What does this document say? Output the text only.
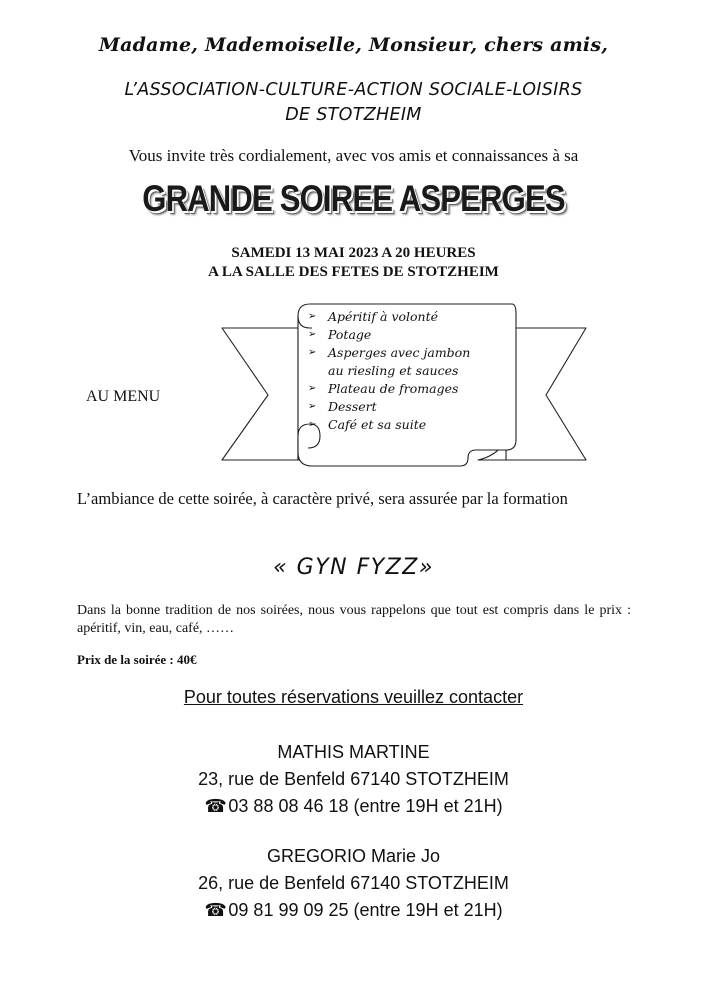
Madame, Mademoiselle, Monsieur, chers amis,
L’ASSOCIATION-CULTURE-ACTION SOCIALE-LOISIRS
DE STOTZHEIM
Vous invite très cordialement, avec vos amis et connaissances à sa
GRANDE SOIREE ASPERGES
SAMEDI 13 MAI 2023 A 20 HEURES
A LA SALLE DES FETES DE STOTZHEIM
AU MENU
➢ Apéritif à volonté
➢ Potage
➢ Asperges avec jambon
au riesling et sauces
➢ Plateau de fromages
➢ Dessert
➢ Café et sa suite
L’ambiance de cette soirée, à caractère privé, sera assurée par la formation
« GYN FYZZ»
Dans la bonne tradition de nos soirées, nous vous rappelons que tout est compris dans le prix : apéritif, vin, eau, café, ……
Prix de la soirée : 40€
Pour toutes réservations veuillez contacter
MATHIS MARTINE
23, rue de Benfeld 67140 STOTZHEIM
☎03 88 08 46 18 (entre 19H et 21H)
GREGORIO Marie Jo
26, rue de Benfeld 67140 STOTZHEIM
☎09 81 99 09 25 (entre 19H et 21H)
